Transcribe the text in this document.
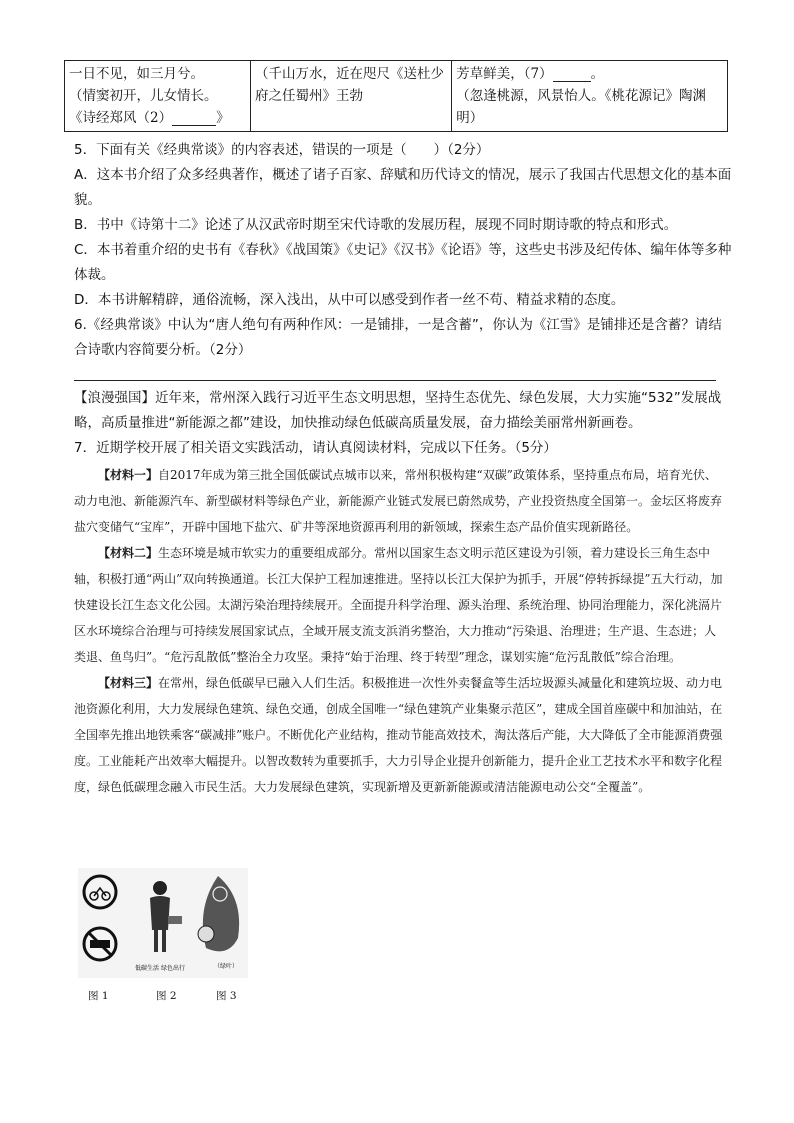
一日不见，如三月兮。
（情窦初开，儿女情长。
《诗经郑风（2）	》

（千山万水，近在咫尺《送杜少
府之任蜀州》王勃

芳草鲜美，（7）	。
（忽逢桃源，风景怡人。《桃花源记》陶渊
明）

5．下面有关《经典常谈》的内容表述，错误的一项是（　　）（2分）

A．这本书介绍了众多经典著作，概述了诸子百家、辞赋和历代诗文的情况，展示了我国古代思想文化的基本面貌。

B．书中《诗第十二》论述了从汉武帝时期至宋代诗歌的发展历程，展现不同时期诗歌的特点和形式。

C．本书着重介绍的史书有《春秋》《战国策》《史记》《汉书》《论语》等，这些史书涉及纪传体、编年体等多种体裁。

D．本书讲解精辟，通俗流畅，深入浅出，从中可以感受到作者一丝不苟、精益求精的态度。

6.《经典常谈》中认为“唐人绝句有两种作风：一是铺排，一是含蓄”，你认为《江雪》是铺排还是含蓄？请结合诗歌内容简要分析。（2分）

【浪漫强国】近年来，常州深入践行习近平生态文明思想，坚持生态优先、绿色发展，大力实施“532”发展战略，高质量推进“新能源之都”建设，加快推动绿色低碳高质量发展，奋力描绘美丽常州新画卷。

7．近期学校开展了相关语文实践活动，请认真阅读材料，完成以下任务。（5分）

【材料一】自2017年成为第三批全国低碳试点城市以来，常州积极构建“双碳”政策体系，坚持重点布局，培育光伏、动力电池、新能源汽车、新型碳材料等绿色产业，新能源产业链式发展已蔚然成势，产业投资热度全国第一。金坛区将废弃盐穴变储气“宝库”，开辟中国地下盐穴、矿井等深地资源再利用的新领域，探索生态产品价值实现新路径。

【材料二】生态环境是城市软实力的重要组成部分。常州以国家生态文明示范区建设为引领，着力建设长三角生态中轴，积极打通“两山”双向转换通道。长江大保护工程加速推进。坚持以长江大保护为抓手，开展“停转拆绿提”五大行动，加快建设长江生态文化公园。太湖污染治理持续展开。全面提升科学治理、源头治理、系统治理、协同治理能力，深化洮滆片区水环境综合治理与可持续发展国家试点，全域开展支流支浜消劣整治，大力推动“污染退、治理进；生产退、生态进；人类退、鱼鸟归”。“危污乱散低”整治全力攻坚。秉持“始于治理、终于转型”理念，谋划实施“危污乱散低”综合治理。

【材料三】在常州，绿色低碳早已融入人们生活。积极推进一次性外卖餐盒等生活垃圾源头减量化和建筑垃圾、动力电池资源化利用，大力发展绿色建筑、绿色交通，创成全国唯一“绿色建筑产业集聚示范区”，建成全国首座碳中和加油站，在全国率先推出地铁乘客“碳减排”账户。不断优化产业结构，推动节能高效技术，淘汰落后产能，大大降低了全市能源消费强度。工业能耗产出效率大幅提升。以智改数转为重要抓手，大力引导企业提升创新能力，提升企业工艺技术水平和数字化程度，绿色低碳理念融入市民生活。大力发展绿色建筑，实现新增及更新新能源或清洁能源电动公交“全覆盖”。

低碳生活 绿色出行	（绿叶）
图 1	图 2	图 3
